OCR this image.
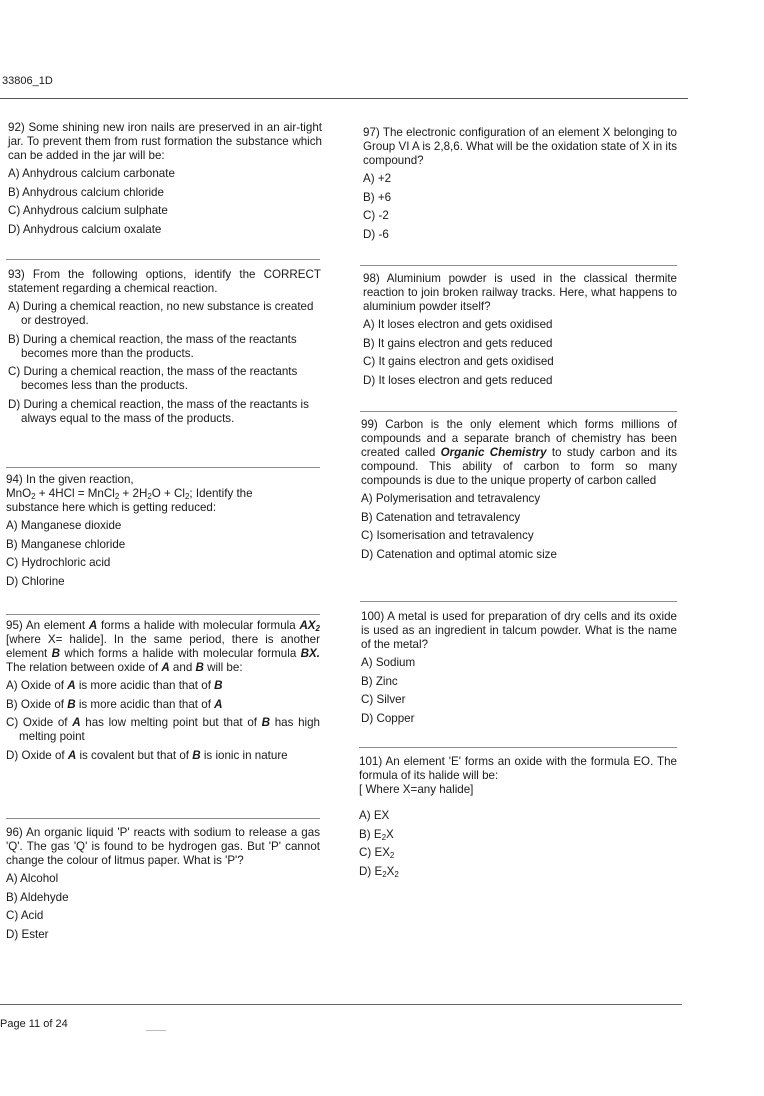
33806_1D

92) Some shining new iron nails are preserved in an air-tight jar. To prevent them from rust formation the substance which can be added in the jar will be:

A) Anhydrous calcium carbonate

B) Anhydrous calcium chloride

C) Anhydrous calcium sulphate

D) Anhydrous calcium oxalate

93) From the following options, identify the CORRECT statement regarding a chemical reaction.

A) During a chemical reaction, no new substance is created or destroyed.

B) During a chemical reaction, the mass of the reactants becomes more than the products.

C) During a chemical reaction, the mass of the reactants becomes less than the products.

D) During a chemical reaction, the mass of the reactants is always equal to the mass of the products.

94) In the given reaction,
MnO$_2$ + 4HCl = MnCl$_2$ + $2H_2O + Cl_2$; Identify the
substance here which is getting reduced:

A) Manganese dioxide

B) Manganese chloride

C) Hydrochloric acid

D) Chlorine

95) An element A forms a halide with molecular formula $AX_2$ [where X= halide]. In the same period, there is another element B which forms a halide with molecular formula BX. The relation between oxide of A and B will be:

A) Oxide of A is more acidic than that of B

B) Oxide of B is more acidic than that of A

C) Oxide of A has low melting point but that of B has high melting point

D) Oxide of A is covalent but that of B is ionic in nature

96) An organic liquid 'P' reacts with sodium to release a gas 'Q'. The gas 'Q' is found to be hydrogen gas. But 'P' cannot change the colour of litmus paper. What is 'P'?

A) Alcohol

B) Aldehyde

C) Acid

D) Ester

97) The electronic configuration of an element X belonging to Group VI A is 2,8,6. What will be the oxidation state of X in its compound?

A) +2

B) +6

C) -2

D) -6

98) Aluminium powder is used in the classical thermite reaction to join broken railway tracks. Here, what happens to aluminium powder itself?

A) It loses electron and gets oxidised

B) It gains electron and gets reduced

C) It gains electron and gets oxidised

D) It loses electron and gets reduced

99) Carbon is the only element which forms millions of compounds and a separate branch of chemistry has been created called Organic Chemistry to study carbon and its compound. This ability of carbon to form so many compounds is due to the unique property of carbon called

A) Polymerisation and tetravalency

B) Catenation and tetravalency

C) Isomerisation and tetravalency

D) Catenation and optimal atomic size

100) A metal is used for preparation of dry cells and its oxide is used as an ingredient in talcum powder. What is the name of the metal?

A) Sodium

B) Zinc

C) Silver

D) Copper

101) An element 'E' forms an oxide with the formula EO. The formula of its halide will be:

[ Where X=any halide]

A) EX

B) $E_2X$

C) $EX_2$

D) $E_2X_2$

Page 11 of 24
